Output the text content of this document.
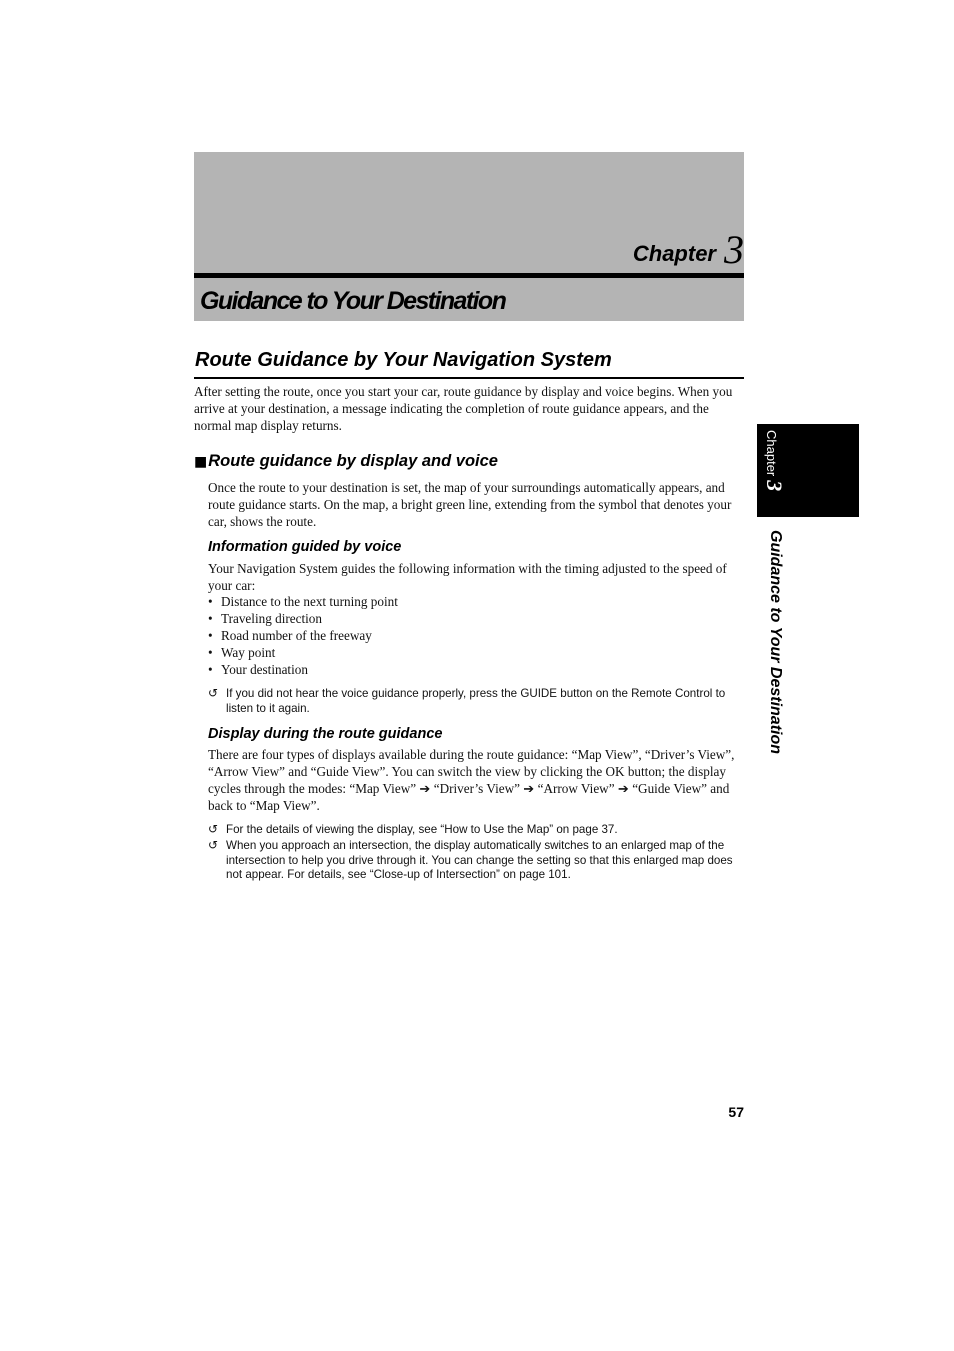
Chapter 3
Guidance to Your Destination
Route Guidance by Your Navigation System
After setting the route, once you start your car, route guidance by display and voice begins. When you arrive at your destination, a message indicating the completion of route guidance appears, and the normal map display returns.
■Route guidance by display and voice
Once the route to your destination is set, the map of your surroundings automatically appears, and route guidance starts. On the map, a bright green line, extending from the symbol that denotes your car, shows the route.
Information guided by voice
Your Navigation System guides the following information with the timing adjusted to the speed of your car:
• Distance to the next turning point
• Traveling direction
• Road number of the freeway
• Way point
• Your destination
↺ If you did not hear the voice guidance properly, press the GUIDE button on the Remote Control to listen to it again.
Display during the route guidance
There are four types of displays available during the route guidance: “Map View”, “Driver’s View”, “Arrow View” and “Guide View”. You can switch the view by clicking the OK button; the display cycles through the modes: “Map View” ➔ “Driver’s View” ➔ “Arrow View” ➔ “Guide View” and back to “Map View”.
↺ For the details of viewing the display, see “How to Use the Map” on page 37.
↺ When you approach an intersection, the display automatically switches to an enlarged map of the intersection to help you drive through it. You can change the setting so that this enlarged map does not appear. For details, see “Close-up of Intersection” on page 101.
Chapter3
Guidance to Your Destination
57
